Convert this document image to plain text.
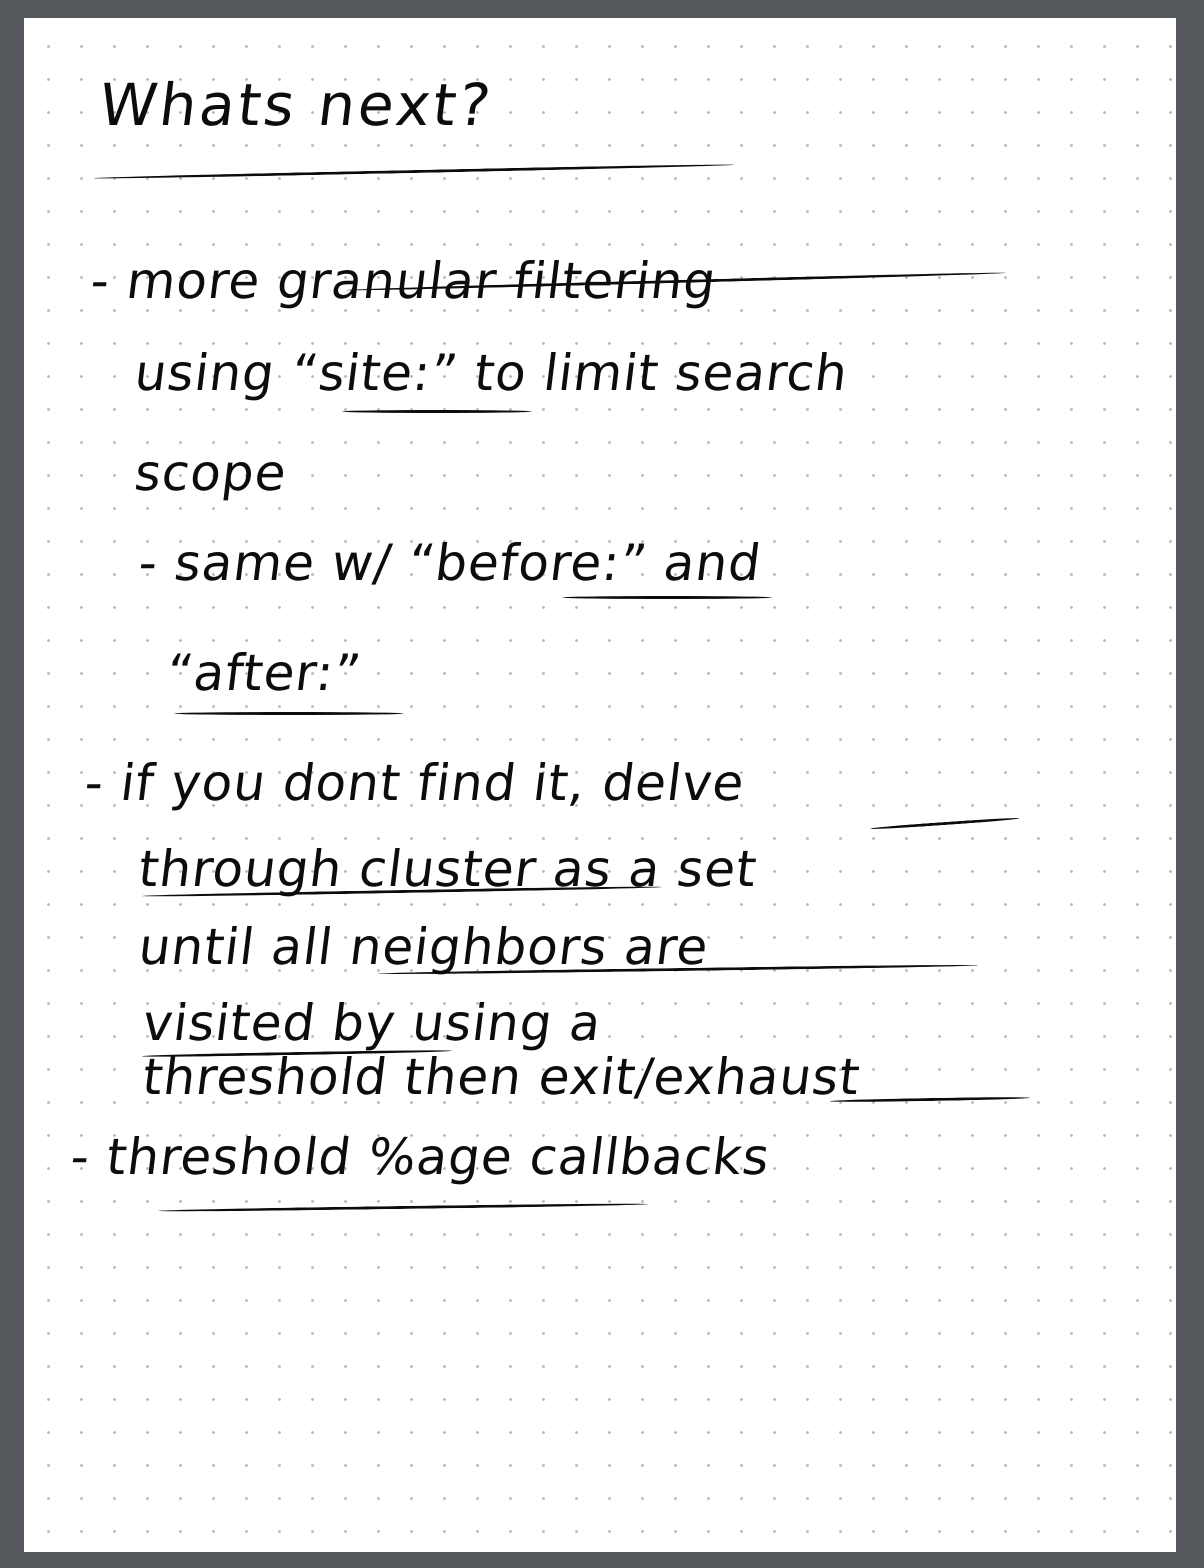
Whats next?

- more granular filtering

using “site:” to limit search

scope

- same w/ “before:” and

“after:”

- if you dont find it, delve

through cluster as a set

until all neighbors are

visited by using a

threshold then exit/exhaust

- threshold %age callbacks
